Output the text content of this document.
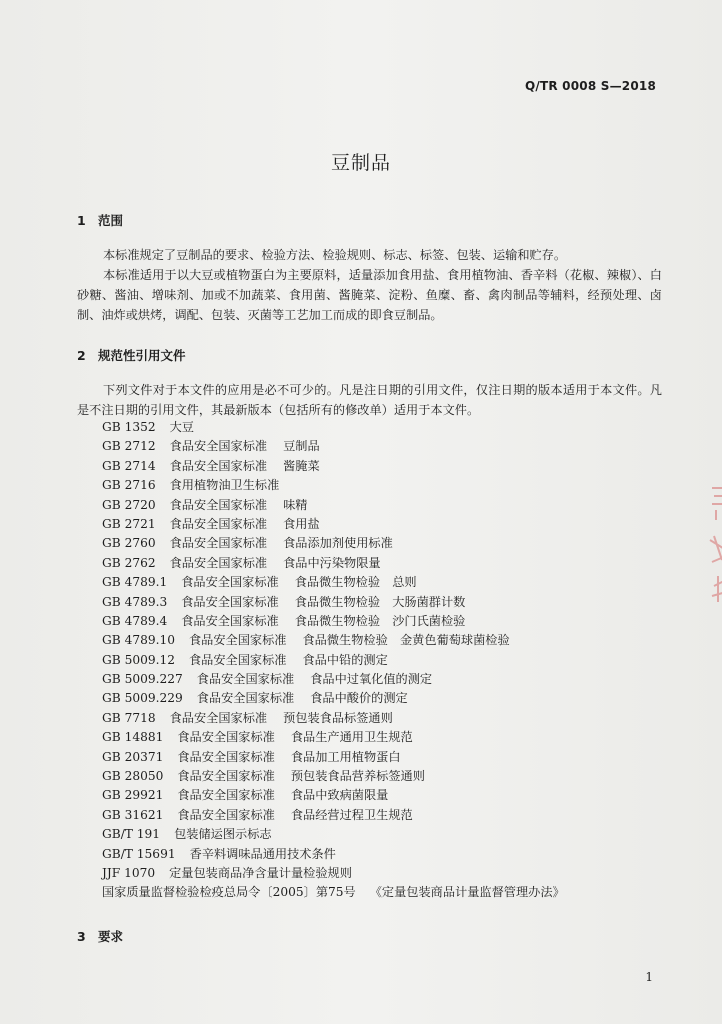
Q/TR 0008 S—2018
豆制品
1 范围

本标准规定了豆制品的要求、检验方法、检验规则、标志、标签、包装、运输和贮存。

本标准适用于以大豆或植物蛋白为主要原料，适量添加食用盐、食用植物油、香辛料（花椒、辣椒）、白砂糖、酱油、增味剂、加或不加蔬菜、食用菌、酱腌菜、淀粉、鱼糜、畜、禽肉制品等辅料，经预处理、卤制、油炸或烘烤，调配、包装、灭菌等工艺加工而成的即食豆制品。

2 规范性引用文件

下列文件对于本文件的应用是必不可少的。凡是注日期的引用文件，仅注日期的版本适用于本文件。凡是不注日期的引用文件，其最新版本（包括所有的修改单）适用于本文件。

GB 1352 大豆
GB 2712 食品安全国家标准 豆制品
GB 2714 食品安全国家标准 酱腌菜
GB 2716 食用植物油卫生标准
GB 2720 食品安全国家标准 味精
GB 2721 食品安全国家标准 食用盐
GB 2760 食品安全国家标准 食品添加剂使用标准
GB 2762 食品安全国家标准 食品中污染物限量
GB 4789.1 食品安全国家标准 食品微生物检验　总则
GB 4789.3 食品安全国家标准 食品微生物检验　大肠菌群计数
GB 4789.4 食品安全国家标准 食品微生物检验　沙门氏菌检验
GB 4789.10 食品安全国家标准 食品微生物检验　金黄色葡萄球菌检验
GB 5009.12 食品安全国家标准 食品中铅的测定
GB 5009.227 食品安全国家标准 食品中过氧化值的测定
GB 5009.229 食品安全国家标准 食品中酸价的测定
GB 7718 食品安全国家标准 预包装食品标签通则
GB 14881 食品安全国家标准 食品生产通用卫生规范
GB 20371 食品安全国家标准 食品加工用植物蛋白
GB 28050 食品安全国家标准 预包装食品营养标签通则
GB 29921 食品安全国家标准 食品中致病菌限量
GB 31621 食品安全国家标准 食品经营过程卫生规范
GB/T 191 包装储运图示标志
GB/T 15691 香辛料调味品通用技术条件
JJF 1070 定量包装商品净含量计量检验规则
国家质量监督检验检疫总局令〔2005〕第75号 《定量包装商品计量监督管理办法》
3 要求
1
